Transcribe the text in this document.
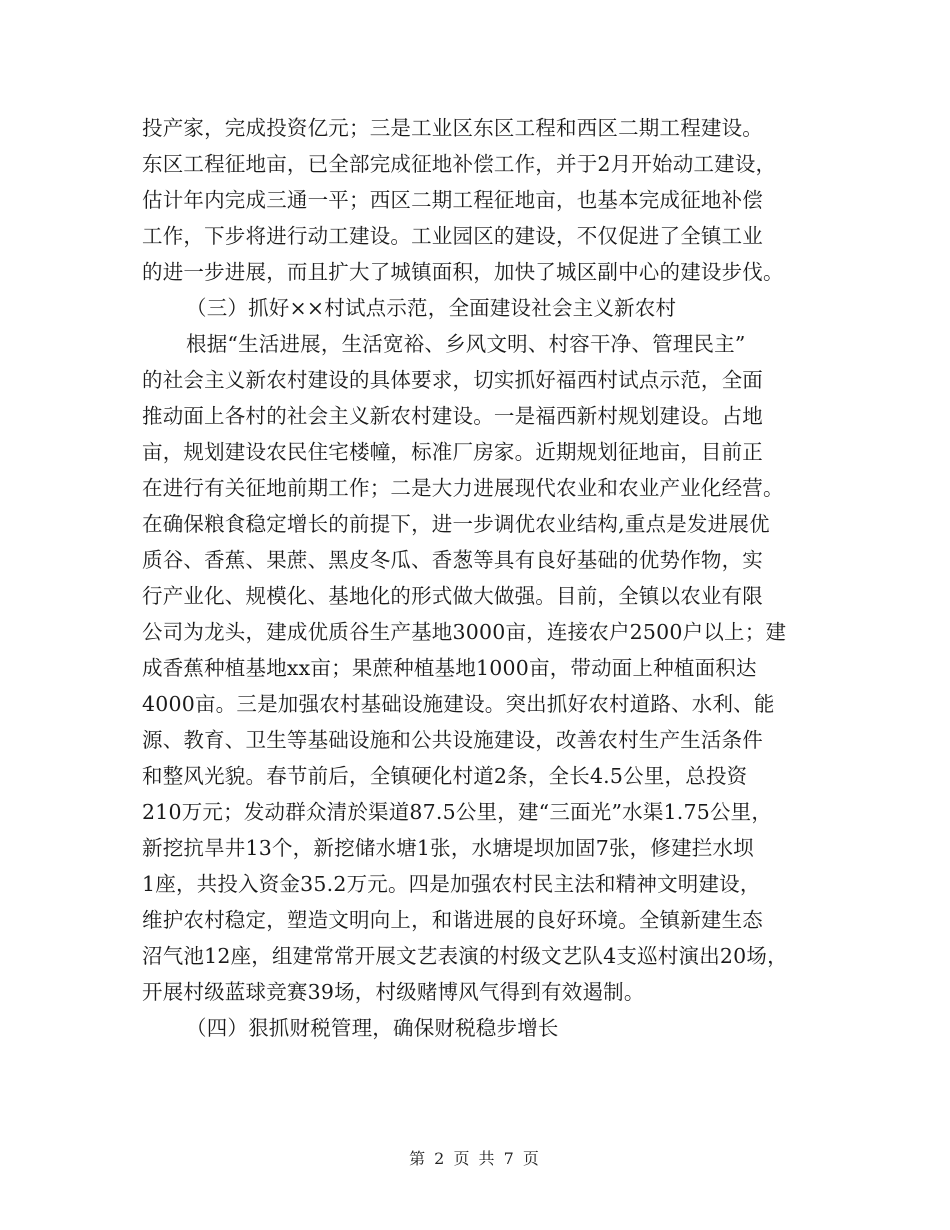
投产家，完成投资亿元；三是工业区东区工程和西区二期工程建设。
东区工程征地亩，已全部完成征地补偿工作，并于2月开始动工建设，
估计年内完成三通一平；西区二期工程征地亩，也基本完成征地补偿
工作，下步将进行动工建设。工业园区的建设，不仅促进了全镇工业
的进一步进展，而且扩大了城镇面积，加快了城区副中心的建设步伐。
（三）抓好××村试点示范，全面建设社会主义新农村
根据“生活进展，生活宽裕、乡风文明、村容干净、管理民主”
的社会主义新农村建设的具体要求，切实抓好福西村试点示范，全面
推动面上各村的社会主义新农村建设。一是福西新村规划建设。占地
亩，规划建设农民住宅楼幢，标准厂房家。近期规划征地亩，目前正
在进行有关征地前期工作；二是大力进展现代农业和农业产业化经营。
在确保粮食稳定增长的前提下，进一步调优农业结构,重点是发进展优
质谷、香蕉、果蔗、黑皮冬瓜、香葱等具有良好基础的优势作物，实
行产业化、规模化、基地化的形式做大做强。目前，全镇以农业有限
公司为龙头，建成优质谷生产基地3000亩，连接农户2500户以上；建
成香蕉种植基地xx亩；果蔗种植基地1000亩，带动面上种植面积达
4000亩。三是加强农村基础设施建设。突出抓好农村道路、水利、能
源、教育、卫生等基础设施和公共设施建设，改善农村生产生活条件
和整风光貌。春节前后，全镇硬化村道2条，全长4.5公里，总投资
210万元；发动群众清於渠道87.5公里，建“三面光”水渠1.75公里，
新挖抗旱井13个，新挖储水塘1张，水塘堤坝加固7张，修建拦水坝
1座，共投入资金35.2万元。四是加强农村民主法和精神文明建设，
维护农村稳定，塑造文明向上，和谐进展的良好环境。全镇新建生态
沼气池12座，组建常常开展文艺表演的村级文艺队4支巡村演出20场，
开展村级蓝球竞赛39场，村级赌博风气得到有效遏制。
（四）狠抓财税管理，确保财税稳步增长
第 2 页 共 7 页
